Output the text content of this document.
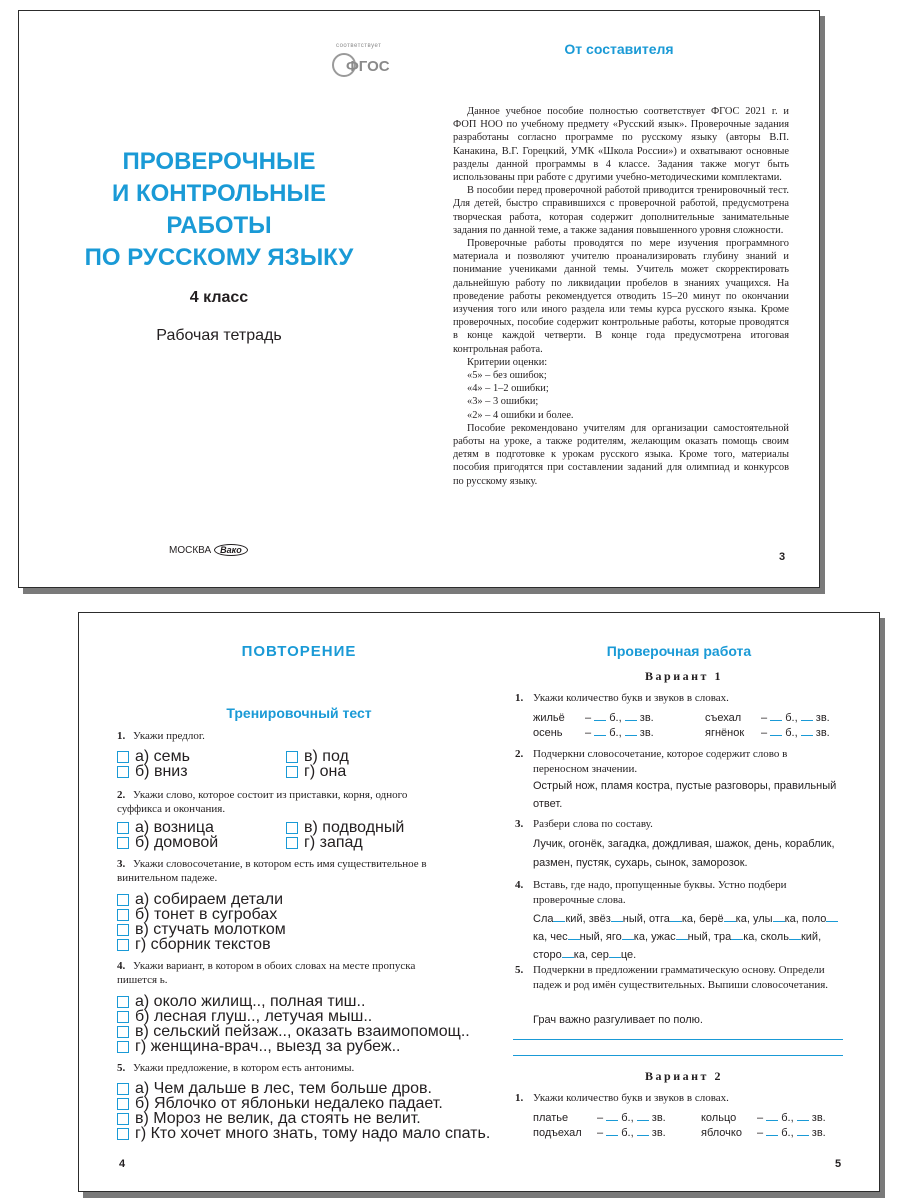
соответствует
ФГОС
ПРОВЕРОЧНЫЕ
И КОНТРОЛЬНЫЕ
РАБОТЫ
ПО РУССКОМУ ЯЗЫКУ
4 класс
Рабочая тетрадь
МОСКВА Вако
От составителя

Данное учебное пособие полностью соответствует ФГОС 2021 г. и ФОП НОО по учебному предмету «Русский язык». Проверочные задания разработаны согласно программе по русскому языку (авторы В.П. Канакина, В.Г. Горецкий, УМК «Школа России») и охватывают основные разделы данной программы в 4 классе. Задания также могут быть использованы при работе с другими учебно-методическими комплектами.

В пособии перед проверочной работой приводится тренировочный тест. Для детей, быстро справившихся с проверочной работой, предусмотрена творческая работа, которая содержит дополнительные занимательные задания по данной теме, а также задания повышенного уровня сложности.

Проверочные работы проводятся по мере изучения программного материала и позволяют учителю проанализировать глубину знаний и понимание учениками данной темы. Учитель может скорректировать дальнейшую работу по ликвидации пробелов в знаниях учащихся. На проведение работы рекомендуется отводить 15–20 минут по окончании изучения того или иного раздела или темы курса русского языка. Кроме проверочных, пособие содержит контрольные работы, которые проводятся в конце каждой четверти. В конце года предусмотрена итоговая контрольная работа.

Критерии оценки:

«5» – без ошибок;

«4» – 1–2 ошибки;

«3» – 3 ошибки;

«2» – 4 ошибки и более.

Пособие рекомендовано учителям для организации самостоятельной работы на уроке, а также родителям, желающим оказать помощь своим детям в подготовке к урокам русского языка. Кроме того, материалы пособия пригодятся при составлении заданий для олимпиад и конкурсов по русскому языку.

3
ПОВТОРЕНИЕ
Тренировочный тест
1. Укажи предлог.
а) семь
б) вниз
в) под
г) она
2. Укажи слово, которое состоит из приставки, корня, одного суффикса и окончания.
а) возница
б) домовой
в) подводный
г) запад
3. Укажи словосочетание, в котором есть имя существительное в винительном падеже.
а) собираем детали
б) тонет в сугробах
в) стучать молотком
г) сборник текстов
4. Укажи вариант, в котором в обоих словах на месте пропуска пишется ь.
а) около жилищ.., полная тиш..
б) лесная глуш.., летучая мыш..
в) сельский пейзаж.., оказать взаимопомощ..
г) женщина-врач.., выезд за рубеж..
5. Укажи предложение, в котором есть антонимы.
а) Чем дальше в лес, тем больше дров.
б) Яблочко от яблоньки недалеко падает.
в) Мороз не велик, да стоять не велит.
г) Кто хочет много знать, тому надо мало спать.
4
Проверочная работа
Вариант 1
1. Укажи количество букв и звуков в словах.
жильё – б., зв.
осень – б., зв.
съехал – б., зв.
ягнёнок – б., зв.
2. Подчеркни словосочетание, которое содержит слово в переносном значении.
Острый нож, пламя костра, пустые разговоры, правильный ответ.
3. Разбери слова по составу.
Лучик, огонёк, загадка, дождливая, шажок, день, кораблик, размен, пустяк, сухарь, сынок, заморозок.
4. Вставь, где надо, пропущенные буквы. Устно подбери проверочные слова.
Сла кий, звёз ный, отга ка, берё ка, улы ка, полока, чес ный, яго ка, ужас ный, тра ка, сколь кий, сторо ка, сер це.
5. Подчеркни в предложении грамматическую основу. Определи падеж и род имён существительных. Выпиши словосочетания.
Грач важно разгуливает по полю.
Вариант 2
1. Укажи количество букв и звуков в словах.
платье	– б., зв.
подъехал – б., зв.
кольцо – б., зв.
яблочко – б., зв.
5
